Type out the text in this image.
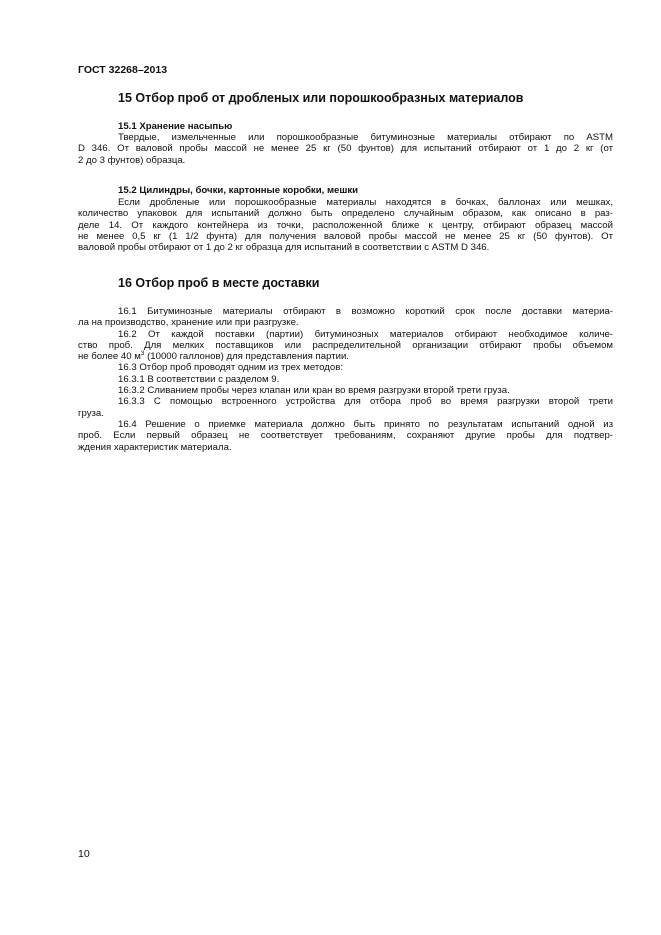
ГОСТ 32268–2013
15 Отбор проб от дробленых или порошкообразных материалов
15.1 Хранение насыпью
Твердые, измельченные или порошкообразные битуминозные материалы отбирают по ASTM
D 346. От валовой пробы массой не менее 25 кг (50 фунтов) для испытаний отбирают от 1 до 2 кг (от
2 до 3 фунтов) образца.
15.2 Цилиндры, бочки, картонные коробки, мешки
Если дробленые или порошкообразные материалы находятся в бочках, баллонах или мешках,
количество упаковок для испытаний должно быть определено случайным образом, как описано в раз-
деле 14. От каждого контейнера из точки, расположенной ближе к центру, отбирают образец массой
не менее 0,5 кг (1 1/2 фунта) для получения валовой пробы массой не менее 25 кг (50 фунтов). От
валовой пробы отбирают от 1 до 2 кг образца для испытаний в соответствии с ASTM D 346.
16 Отбор проб в месте доставки
16.1 Битуминозные материалы отбирают в возможно короткий срок после доставки материа-
ла на производство, хранение или при разгрузке.
16.2 От каждой поставки (партии) битуминозных материалов отбирают необходимое количе-
ство проб. Для мелких поставщиков или распределительной организации отбирают пробы объемом
не более 40 $м^3$ (10000 галлонов) для представления партии.
16.3 Отбор проб проводят одним из трех методов:
16.3.1 В соответствии с разделом 9.
16.3.2 Сливанием пробы через клапан или кран во время разгрузки второй трети груза.
16.3.3 С помощью встроенного устройства для отбора проб во время разгрузки второй трети
груза.
16.4 Решение о приемке материала должно быть принято по результатам испытаний одной из
проб. Если первый образец не соответствует требованиям, сохраняют другие пробы для подтвер-
ждения характеристик материала.
10
